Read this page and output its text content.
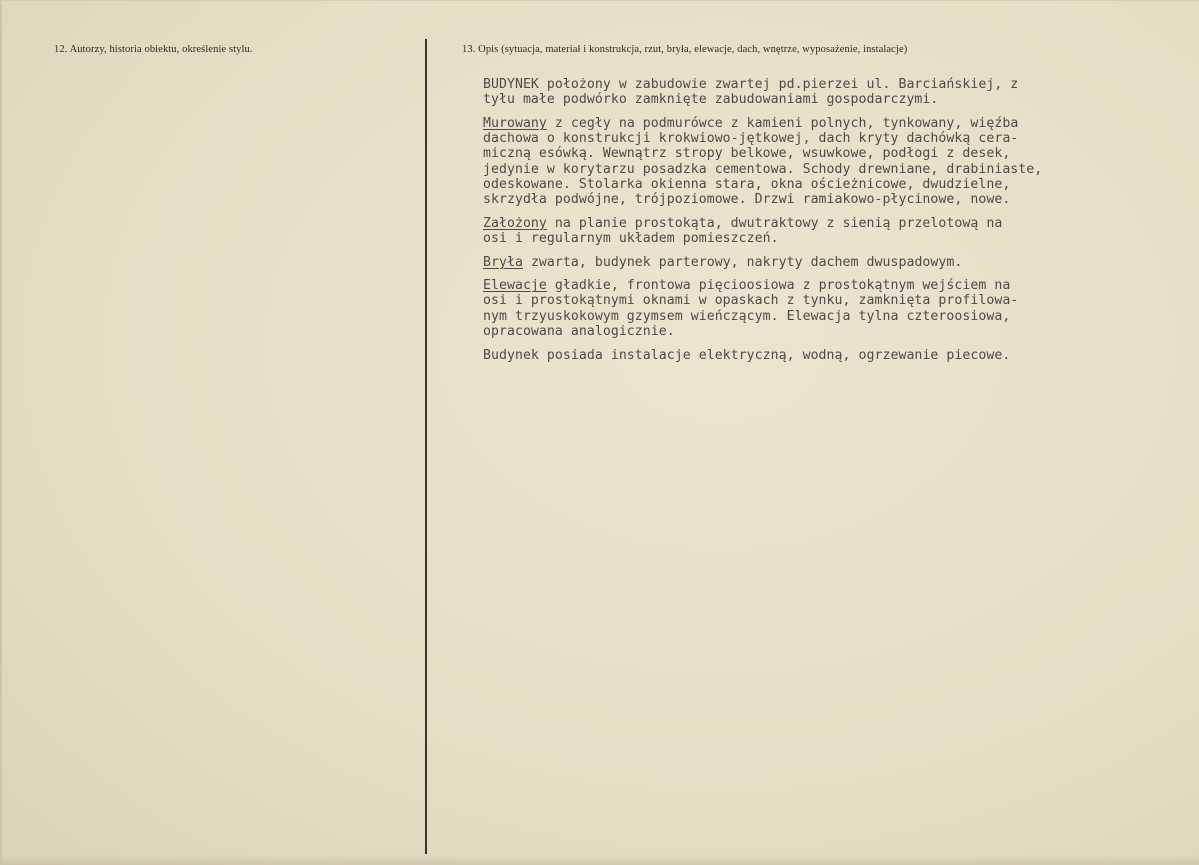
12. Autorzy, historia obiektu, określenie stylu.	13. Opis (sytuacja, materiał i konstrukcja, rzut, bryła, elewacje, dach, wnętrze, wyposażenie, instalacje)
BUDYNEK położony w zabudowie zwartej pd.pierzei ul. Barciańskiej, z
tyłu małe podwórko zamknięte zabudowaniami gospodarczymi.
Murowany z cegły na podmurówce z kamieni polnych, tynkowany, więźba
dachowa o konstrukcji krokwiowo-jętkowej, dach kryty dachówką cera-
miczną esówką. Wewnątrz stropy belkowe, wsuwkowe, podłogi z desek,
jedynie w korytarzu posadzka cementowa. Schody drewniane, drabiniaste,
odeskowane. Stolarka okienna stara, okna ościeżnicowe, dwudzielne,
skrzydła podwójne, trójpoziomowe. Drzwi ramiakowo-płycinowe, nowe.
Założony na planie prostokąta, dwutraktowy z sienią przelotową na
osi i regularnym układem pomieszczeń.
Bryła zwarta, budynek parterowy, nakryty dachem dwuspadowym.
Elewacje gładkie, frontowa pięcioosiowa z prostokątnym wejściem na
osi i prostokątnymi oknami w opaskach z tynku, zamknięta profilowa-
nym trzyuskokowym gzymsem wieńczącym. Elewacja tylna czteroosiowa,
opracowana analogicznie.
Budynek posiada instalacje elektryczną, wodną, ogrzewanie piecowe.
